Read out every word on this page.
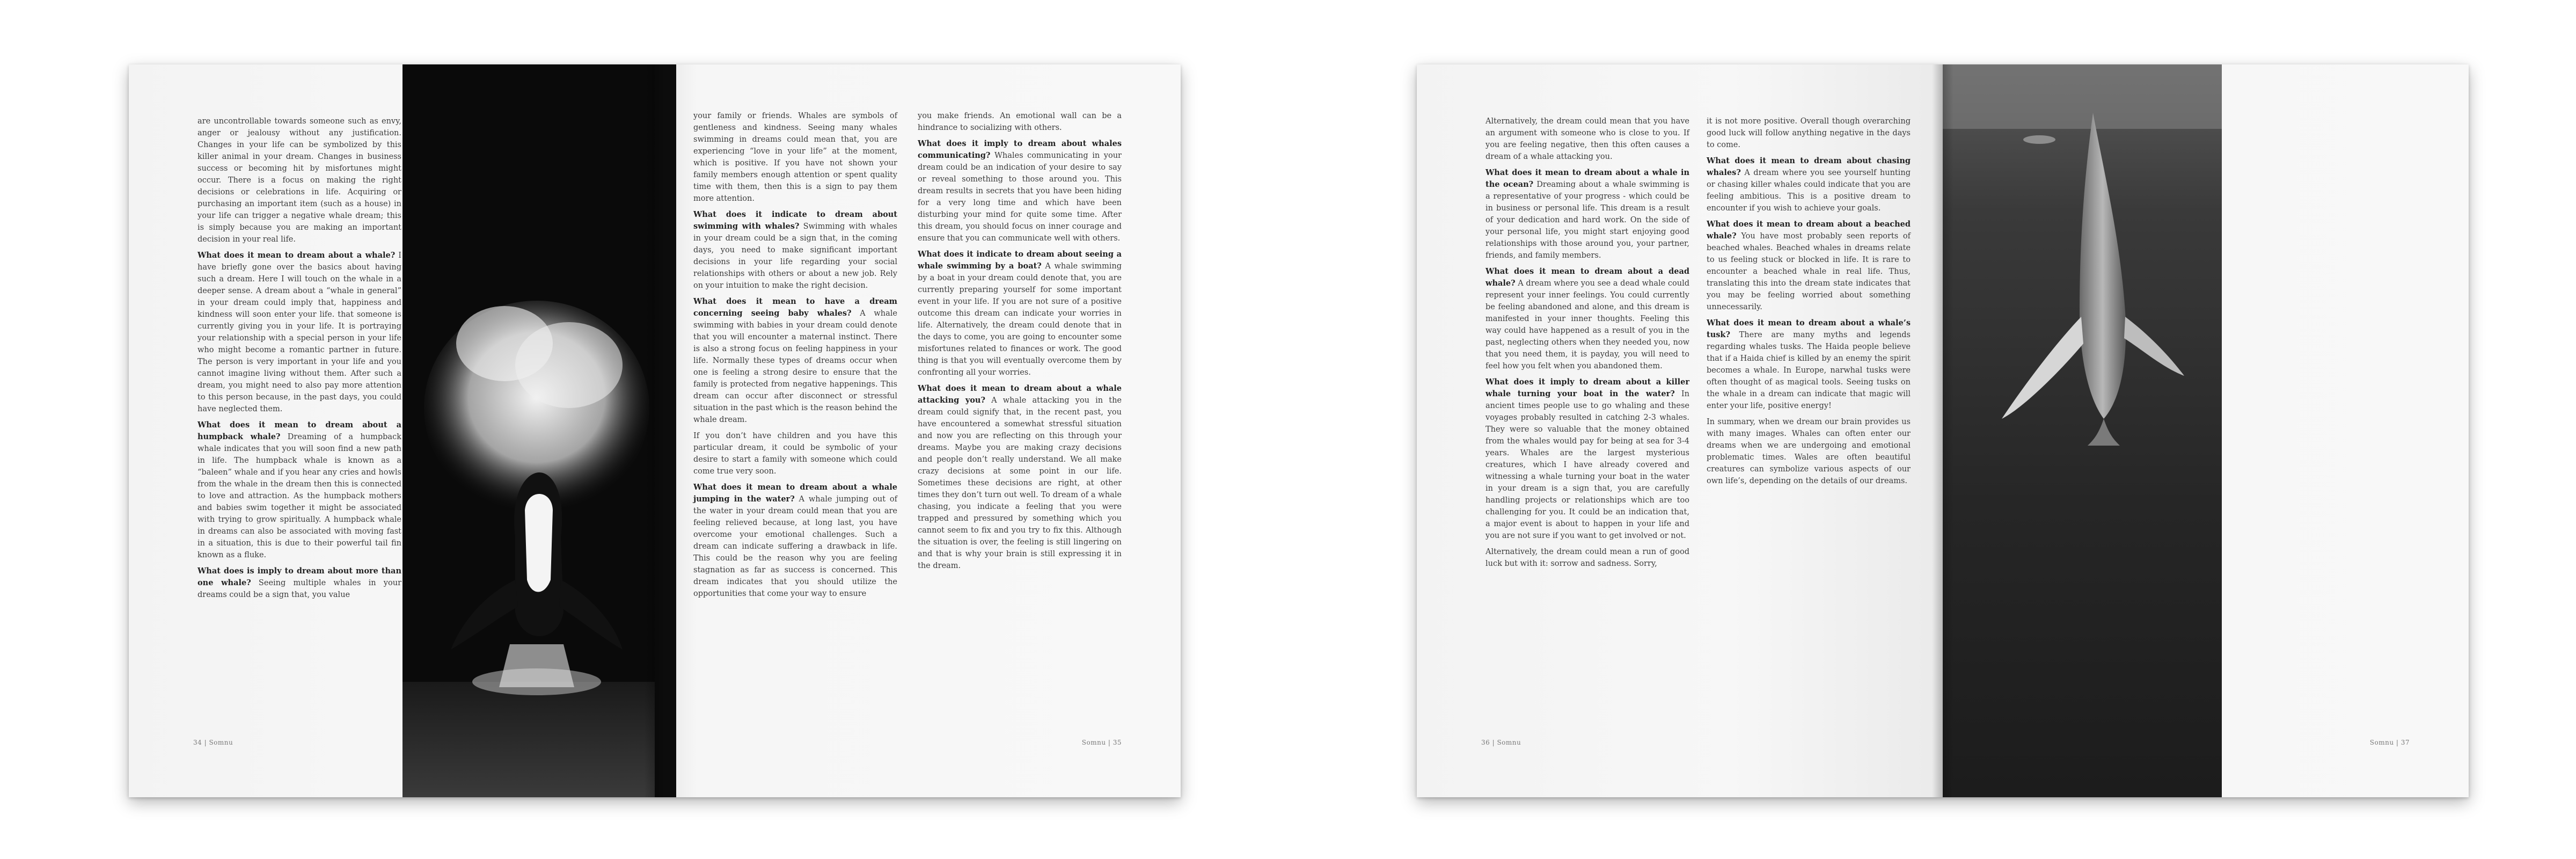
are uncontrollable towards someone such as envy, anger or jealousy without any justification. Changes in your life can be symbolized by this killer animal in your dream. Changes in business success or becoming hit by misfortunes might occur. There is a focus on making the right decisions or celebrations in life. Acquiring or purchasing an important item (such as a house) in your life can trigger a negative whale dream; this is simply because you are making an important decision in your real life.

What does it mean to dream about a whale? I have briefly gone over the basics about having such a dream. Here I will touch on the whale in a deeper sense. A dream about a “whale in general” in your dream could imply that, happiness and kindness will soon enter your life. that someone is currently giving you in your life. It is portraying your relationship with a special person in your life who might become a romantic partner in future. The person is very important in your life and you cannot imagine living without them. After such a dream, you might need to also pay more attention to this person because, in the past days, you could have neglected them.

What does it mean to dream about a humpback whale? Dreaming of a humpback whale indicates that you will soon find a new path in life. The humpback whale is known as a “baleen” whale and if you hear any cries and howls from the whale in the dream then this is connected to love and attraction. As the humpback mothers and babies swim together it might be associated with trying to grow spiritually. A humpback whale in dreams can also be associated with moving fast in a situation, this is due to their powerful tail fin known as a fluke.

What does is imply to dream about more than one whale? Seeing multiple whales in your dreams could be a sign that, you value

34 | Somnu

your family or friends. Whales are symbols of gentleness and kindness. Seeing many whales swimming in dreams could mean that, you are experiencing “love in your life” at the moment, which is positive. If you have not shown your family members enough attention or spent quality time with them, then this is a sign to pay them more attention.

What does it indicate to dream about swimming with whales? Swimming with whales in your dream could be a sign that, in the coming days, you need to make significant important decisions in your life regarding your social relationships with others or about a new job. Rely on your intuition to make the right decision.

What does it mean to have a dream concerning seeing baby whales? A whale swimming with babies in your dream could denote that you will encounter a maternal instinct. There is also a strong focus on feeling happiness in your life. Normally these types of dreams occur when one is feeling a strong desire to ensure that the family is protected from negative happenings. This dream can occur after disconnect or stressful situation in the past which is the reason behind the whale dream.

If you don’t have children and you have this particular dream, it could be symbolic of your desire to start a family with someone which could come true very soon.

What does it mean to dream about a whale jumping in the water? A whale jumping out of the water in your dream could mean that you are feeling relieved because, at long last, you have overcome your emotional challenges. Such a dream can indicate suffering a drawback in life. This could be the reason why you are feeling stagnation as far as success is concerned. This dream indicates that you should utilize the opportunities that come your way to ensure

you make friends. An emotional wall can be a hindrance to socializing with others.

What does it imply to dream about whales communicating? Whales communicating in your dream could be an indication of your desire to say or reveal something to those around you. This dream results in secrets that you have been hiding for a very long time and which have been disturbing your mind for quite some time. After this dream, you should focus on inner courage and ensure that you can communicate well with others.

What does it indicate to dream about seeing a whale swimming by a boat? A whale swimming by a boat in your dream could denote that, you are currently preparing yourself for some important event in your life. If you are not sure of a positive outcome this dream can indicate your worries in life. Alternatively, the dream could denote that in the days to come, you are going to encounter some misfortunes related to finances or work. The good thing is that you will eventually overcome them by confronting all your worries.

What does it mean to dream about a whale attacking you? A whale attacking you in the dream could signify that, in the recent past, you have encountered a somewhat stressful situation and now you are reflecting on this through your dreams. Maybe you are making crazy decisions and people don’t really understand. We all make crazy decisions at some point in our life. Sometimes these decisions are right, at other times they don’t turn out well. To dream of a whale chasing, you indicate a feeling that you were trapped and pressured by something which you cannot seem to fix and you try to fix this. Although the situation is over, the feeling is still lingering on and that is why your brain is still expressing it in the dream.

Somnu | 35

Alternatively, the dream could mean that you have an argument with someone who is close to you. If you are feeling negative, then this often causes a dream of a whale attacking you.

What does it mean to dream about a whale in the ocean? Dreaming about a whale swimming is a representative of your progress - which could be in business or personal life. This dream is a result of your dedication and hard work. On the side of your personal life, you might start enjoying good relationships with those around you, your partner, friends, and family members.

What does it mean to dream about a dead whale? A dream where you see a dead whale could represent your inner feelings. You could currently be feeling abandoned and alone, and this dream is manifested in your inner thoughts. Feeling this way could have happened as a result of you in the past, neglecting others when they needed you, now that you need them, it is payday, you will need to feel how you felt when you abandoned them.

What does it imply to dream about a killer whale turning your boat in the water? In ancient times people use to go whaling and these voyages probably resulted in catching 2-3 whales. They were so valuable that the money obtained from the whales would pay for being at sea for 3-4 years. Whales are the largest mysterious creatures, which I have already covered and witnessing a whale turning your boat in the water in your dream is a sign that, you are carefully handling projects or relationships which are too challenging for you. It could be an indication that, a major event is about to happen in your life and you are not sure if you want to get involved or not.

Alternatively, the dream could mean a run of good luck but with it: sorrow and sadness. Sorry,

it is not more positive. Overall though overarching good luck will follow anything negative in the days to come.

What does it mean to dream about chasing whales? A dream where you see yourself hunting or chasing killer whales could indicate that you are feeling ambitious. This is a positive dream to encounter if you wish to achieve your goals.

What does it mean to dream about a beached whale? You have most probably seen reports of beached whales. Beached whales in dreams relate to us feeling stuck or blocked in life. It is rare to encounter a beached whale in real life. Thus, translating this into the dream state indicates that you may be feeling worried about something unnecessarily.

What does it mean to dream about a whale’s tusk? There are many myths and legends regarding whales tusks. The Haida people believe that if a Haida chief is killed by an enemy the spirit becomes a whale. In Europe, narwhal tusks were often thought of as magical tools. Seeing tusks on the whale in a dream can indicate that magic will enter your life, positive energy!

In summary, when we dream our brain provides us with many images. Whales can often enter our dreams when we are undergoing and emotional problematic times. Wales are often beautiful creatures can symbolize various aspects of our own life’s, depending on the details of our dreams.

36 | Somnu	Somnu | 37
